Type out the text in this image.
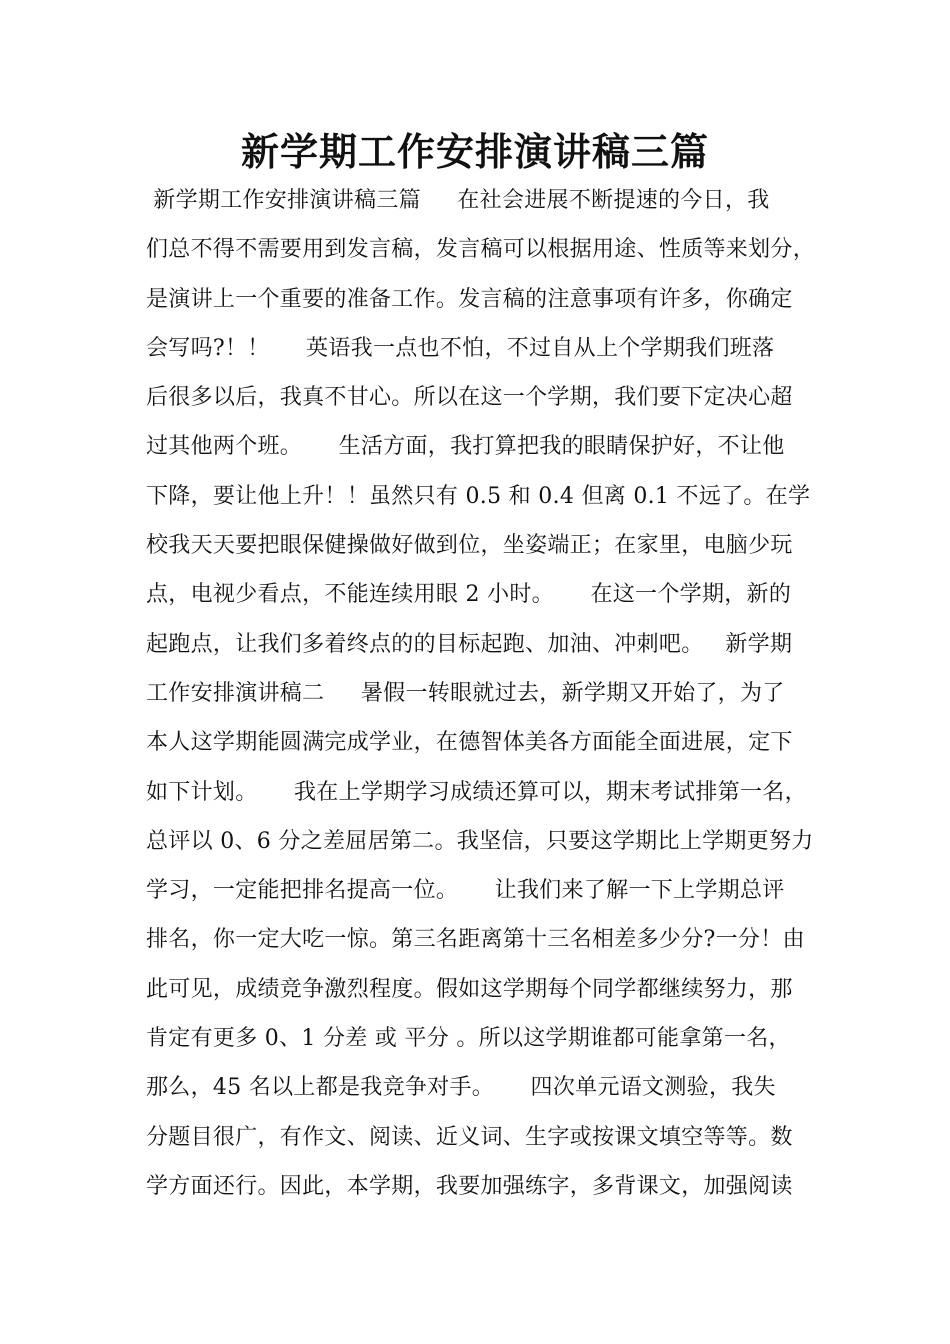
新学期工作安排演讲稿三篇
新学期工作安排演讲稿三篇     在社会进展不断提速的今日，我
们总不得不需要用到发言稿，发言稿可以根据用途、性质等来划分，
是演讲上一个重要的准备工作。发言稿的注意事项有许多，你确定
会写吗?！！     英语我一点也不怕，不过自从上个学期我们班落
后很多以后，我真不甘心。所以在这一个学期，我们要下定决心超
过其他两个班。     生活方面，我打算把我的眼睛保护好，不让他
下降，要让他上升！！虽然只有 0.5 和 0.4 但离 0.1 不远了。在学
校我天天要把眼保健操做好做到位，坐姿端正；在家里，电脑少玩
点，电视少看点，不能连续用眼 2 小时。     在这一个学期，新的
起跑点，让我们多着终点的的目标起跑、加油、冲刺吧。   新学期
工作安排演讲稿二     暑假一转眼就过去，新学期又开始了，为了
本人这学期能圆满完成学业，在德智体美各方面能全面进展，定下
如下计划。     我在上学期学习成绩还算可以，期末考试排第一名，
总评以 0、6 分之差屈居第二。我坚信，只要这学期比上学期更努力
学习，一定能把排名提高一位。     让我们来了解一下上学期总评
排名，你一定大吃一惊。第三名距离第十三名相差多少分?一分！由
此可见，成绩竞争激烈程度。假如这学期每个同学都继续努力，那
肯定有更多 0、1 分差 或 平分 。所以这学期谁都可能拿第一名，
那么，45 名以上都是我竞争对手。     四次单元语文测验，我失
分题目很广，有作文、阅读、近义词、生字或按课文填空等等。数
学方面还行。因此，本学期，我要加强练字，多背课文，加强阅读
